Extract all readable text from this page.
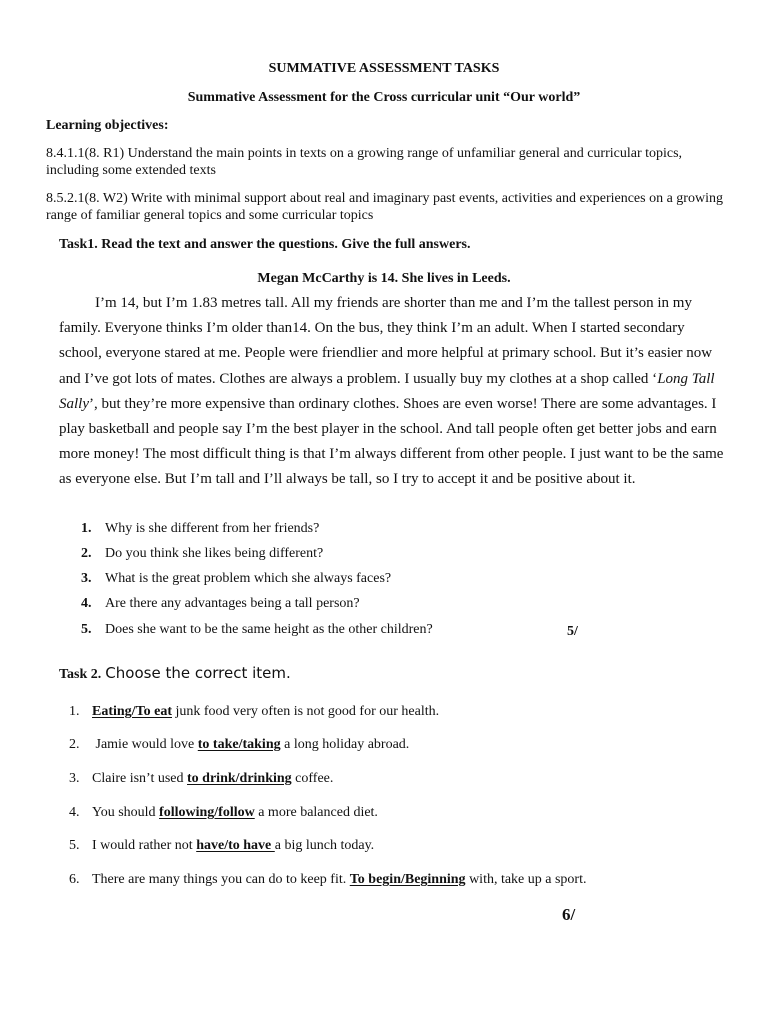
SUMMATIVE ASSESSMENT TASKS
Summative Assessment for the Cross curricular unit “Our world”
Learning objectives:
8.4.1.1(8. R1) Understand the main points in texts on a growing range of unfamiliar general and curricular topics, including some extended texts
8.5.2.1(8. W2) Write with minimal support about real and imaginary past events, activities and experiences on a growing range of familiar general topics and some curricular topics
Task1. Read the text and answer the questions. Give the full answers.
Megan McCarthy is 14. She lives in Leeds.

I’m 14, but I’m 1.83 metres tall. All my friends are shorter than me and I’m the tallest person in my family. Everyone thinks I’m older than14. On the bus, they think I’m an adult. When I started secondary school, everyone stared at me. People were friendlier and more helpful at primary school. But it’s easier now and I’ve got lots of mates. Clothes are always a problem. I usually buy my clothes at a shop called ‘Long Tall Sally’, but they’re more expensive than ordinary clothes. Shoes are even worse! There are some advantages. I play basketball and people say I’m the best player in the school. And tall people often get better jobs and earn more money! The most difficult thing is that I’m always different from other people. I just want to be the same as everyone else. But I’m tall and I’ll always be tall, so I try to accept it and be positive about it.

1. Why is she different from her friends?
2. Do you think she likes being different?
3. What is the great problem which she always faces?
4. Are there any advantages being a tall person?
5. Does she want to be the same height as the other children?	5/
Task 2. Choose the correct item.
1. Eating/To eat junk food very often is not good for our health.
2. Jamie would love to take/taking a long holiday abroad.
3. Claire isn’t used to drink/drinking coffee.
4. You should following/follow a more balanced diet.
5. I would rather not have/to have a big lunch today.
6. There are many things you can do to keep fit. To begin/Beginning with, take up a sport.
6/
